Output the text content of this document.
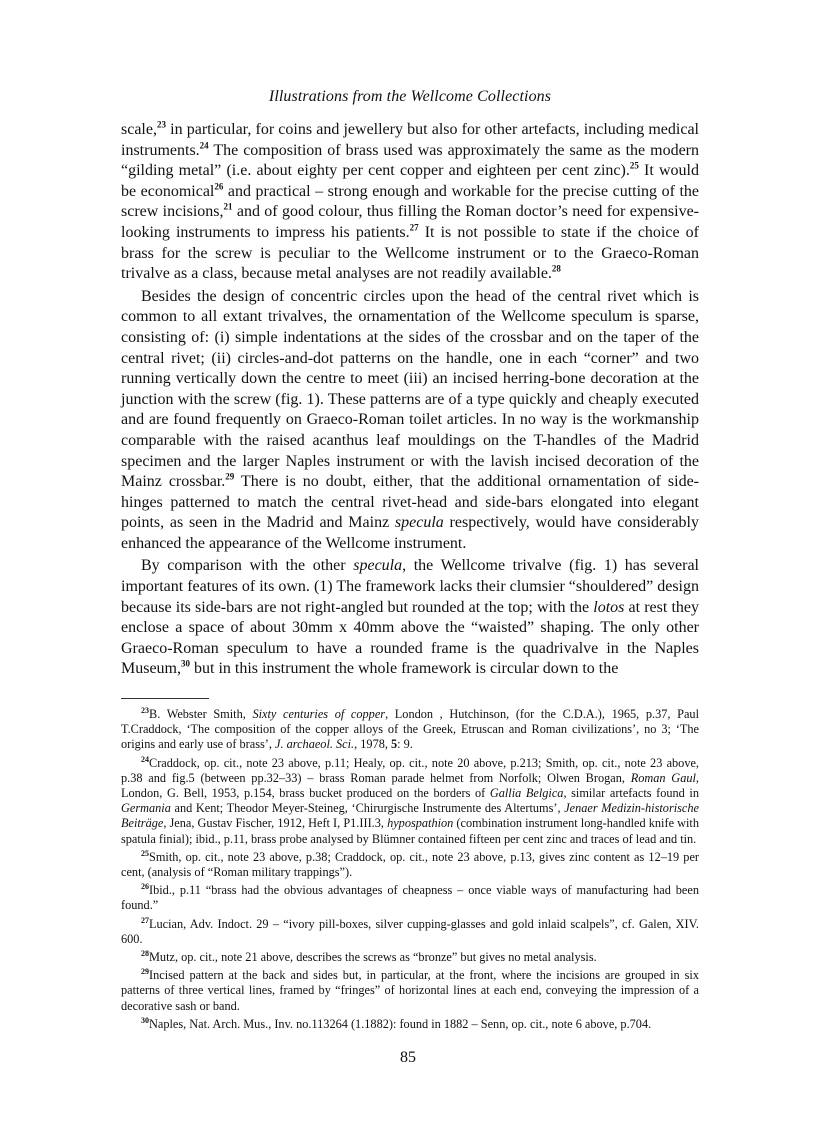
Illustrations from the Wellcome Collections

scale,$^{23}$ in particular, for coins and jewellery but also for other artefacts, including medical instruments.$^{24}$ The composition of brass used was approximately the same as the modern “gilding metal” (i.e. about eighty per cent copper and eighteen per cent zinc).$^{25}$ It would be economical$^{26}$ and practical – strong enough and workable for the precise cutting of the screw incisions,$^{21}$ and of good colour, thus filling the Roman doctor’s need for expensive-looking instruments to impress his patients.$^{27}$ It is not possible to state if the choice of brass for the screw is peculiar to the Wellcome instrument or to the Graeco-Roman trivalve as a class, because metal analyses are not readily available.$^{28}$

Besides the design of concentric circles upon the head of the central rivet which is common to all extant trivalves, the ornamentation of the Wellcome speculum is sparse, consisting of: (i) simple indentations at the sides of the crossbar and on the taper of the central rivet; (ii) circles-and-dot patterns on the handle, one in each “corner” and two running vertically down the centre to meet (iii) an incised herring-bone decoration at the junction with the screw (fig. 1). These patterns are of a type quickly and cheaply executed and are found frequently on Graeco-Roman toilet articles. In no way is the workmanship comparable with the raised acanthus leaf mouldings on the T-handles of the Madrid specimen and the larger Naples instrument or with the lavish incised decoration of the Mainz crossbar.$^{29}$ There is no doubt, either, that the additional ornamentation of side-hinges patterned to match the central rivet-head and side-bars elongated into elegant points, as seen in the Madrid and Mainz specula respectively, would have considerably enhanced the appearance of the Wellcome instrument.

By comparison with the other specula, the Wellcome trivalve (fig. 1) has several important features of its own. (1) The framework lacks their clumsier “shouldered” design because its side-bars are not right-angled but rounded at the top; with the lotos at rest they enclose a space of about 30mm x 40mm above the “waisted” shaping. The only other Graeco-Roman speculum to have a rounded frame is the quadrivalve in the Naples Museum,$^{30}$ but in this instrument the whole framework is circular down to the

$^{23}$B. Webster Smith, Sixty centuries of copper, London , Hutchinson, (for the C.D.A.), 1965, p.37, Paul T.Craddock, ‘The composition of the copper alloys of the Greek, Etruscan and Roman civilizations’, no 3; ‘The origins and early use of brass’, J. archaeol. Sci., 1978, 5: 9.

$^{24}$Craddock, op. cit., note 23 above, p.11; Healy, op. cit., note 20 above, p.213; Smith, op. cit., note 23 above, p.38 and fig.5 (between pp.32–33) – brass Roman parade helmet from Norfolk; Olwen Brogan, Roman Gaul, London, G. Bell, 1953, p.154, brass bucket produced on the borders of Gallia Belgica, similar artefacts found in Germania and Kent; Theodor Meyer-Steineg, ‘Chirurgische Instrumente des Altertums’, Jenaer Medizin-historische Beiträge, Jena, Gustav Fischer, 1912, Heft I, P1.III.3, hypospathion (combination instrument long-handled knife with spatula finial); ibid., p.11, brass probe analysed by Blümner contained fifteen per cent zinc and traces of lead and tin.

$^{25}$Smith, op. cit., note 23 above, p.38; Craddock, op. cit., note 23 above, p.13, gives zinc content as 12–19 per cent, (analysis of “Roman military trappings”).

$^{26}$Ibid., p.11 “brass had the obvious advantages of cheapness – once viable ways of manufacturing had been found.”

$^{27}$Lucian, Adv. Indoct. 29 – “ivory pill-boxes, silver cupping-glasses and gold inlaid scalpels”, cf. Galen, XIV. 600.

$^{28}$Mutz, op. cit., note 21 above, describes the screws as “bronze” but gives no metal analysis.

$^{29}$Incised pattern at the back and sides but, in particular, at the front, where the incisions are grouped in six patterns of three vertical lines, framed by “fringes” of horizontal lines at each end, conveying the impression of a decorative sash or band.

$^{30}$Naples, Nat. Arch. Mus., Inv. no.113264 (1.1882): found in 1882 – Senn, op. cit., note 6 above, p.704.

85
